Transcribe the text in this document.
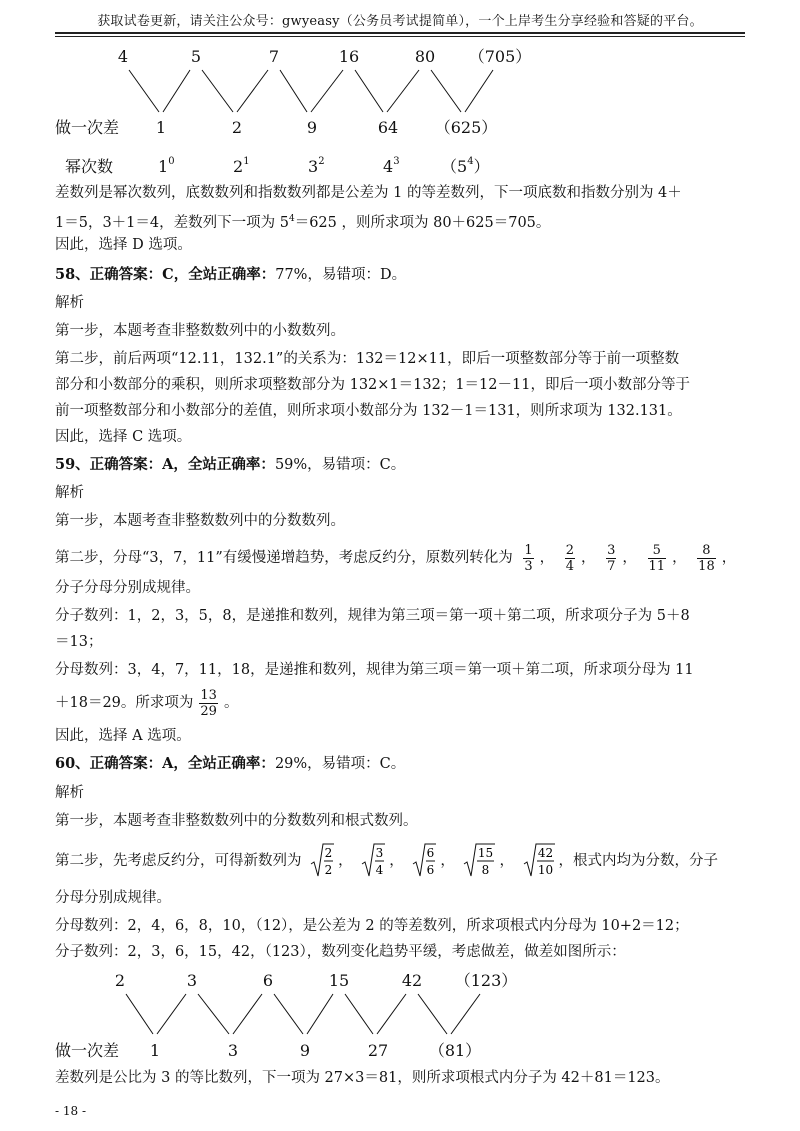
获取试卷更新，请关注公众号：gwyeasy（公务员考试提简单），一个上岸考生分享经验和答疑的平台。
4	5	7	16	80 （705）
做一次差 1	2	9	64 （625）
幂次数	$1^0$	$2^1$	$3^2$	$4^3$	$(5^4)$
差数列是幂次数列，底数数列和指数数列都是公差为 1 的等差数列，下一项底数和指数分别为 4＋
1＝5，3＋1＝4，差数列下一项为 $5^4=625$ ，则所求项为 80＋625＝705。
因此，选择 D 选项。
58、正确答案：C，全站正确率：77%，易错项：D。
解析
第一步，本题考查非整数数列中的小数数列。
第二步，前后两项“12.11，132.1”的关系为：132＝12×11，即后一项整数部分等于前一项整数
部分和小数部分的乘积，则所求项整数部分为 132×1＝132；1＝12－11，即后一项小数部分等于
前一项整数部分和小数部分的差值，则所求项小数部分为 132－1＝131，则所求项为 132.131。
因此，选择 C 选项。
59、正确答案：A，全站正确率：59%，易错项：C。
解析
第一步，本题考查非整数数列中的分数数列。
第二步，分母“3，7，11”有缓慢递增趋势，考虑反约分，原数列转化为 $\frac{1}{3}$ ， $\frac{2}{4}$ ， $\frac{3}{7}$ ， $\frac{5}{11}$ ， $\frac{8}{18}$ ，
分子分母分别成规律。
分子数列：1，2，3，5，8，是递推和数列，规律为第三项＝第一项＋第二项，所求项分子为 5＋8
＝13；
分母数列：3，4，7，11，18，是递推和数列，规律为第三项＝第一项＋第二项，所求项分母为 11
＋18＝29。所求项为 $\frac{13}{29}$ 。
因此，选择 A 选项。
60、正确答案：A，全站正确率：29%，易错项：C。
解析
第一步，本题考查非整数数列中的分数数列和根式数列。
第二步，先考虑反约分，可得新数列为 2
2
， 3
4
， 6
6
， 15
8
， 42
10
，根式内均为分数，分子
分母分别成规律。
分母数列：2，4，6，8，10，（12），是公差为 2 的等差数列，所求项根式内分母为 10+2＝12；
分子数列：2，3，6，15，42，（123），数列变化趋势平缓，考虑做差，做差如图所示：
2	3	6	15	42 （123）
做一次差 1	3	9	27	（81）
差数列是公比为 3 的等比数列，下一项为 27×3＝81，则所求项根式内分子为 42＋81＝123。
- 18 -
